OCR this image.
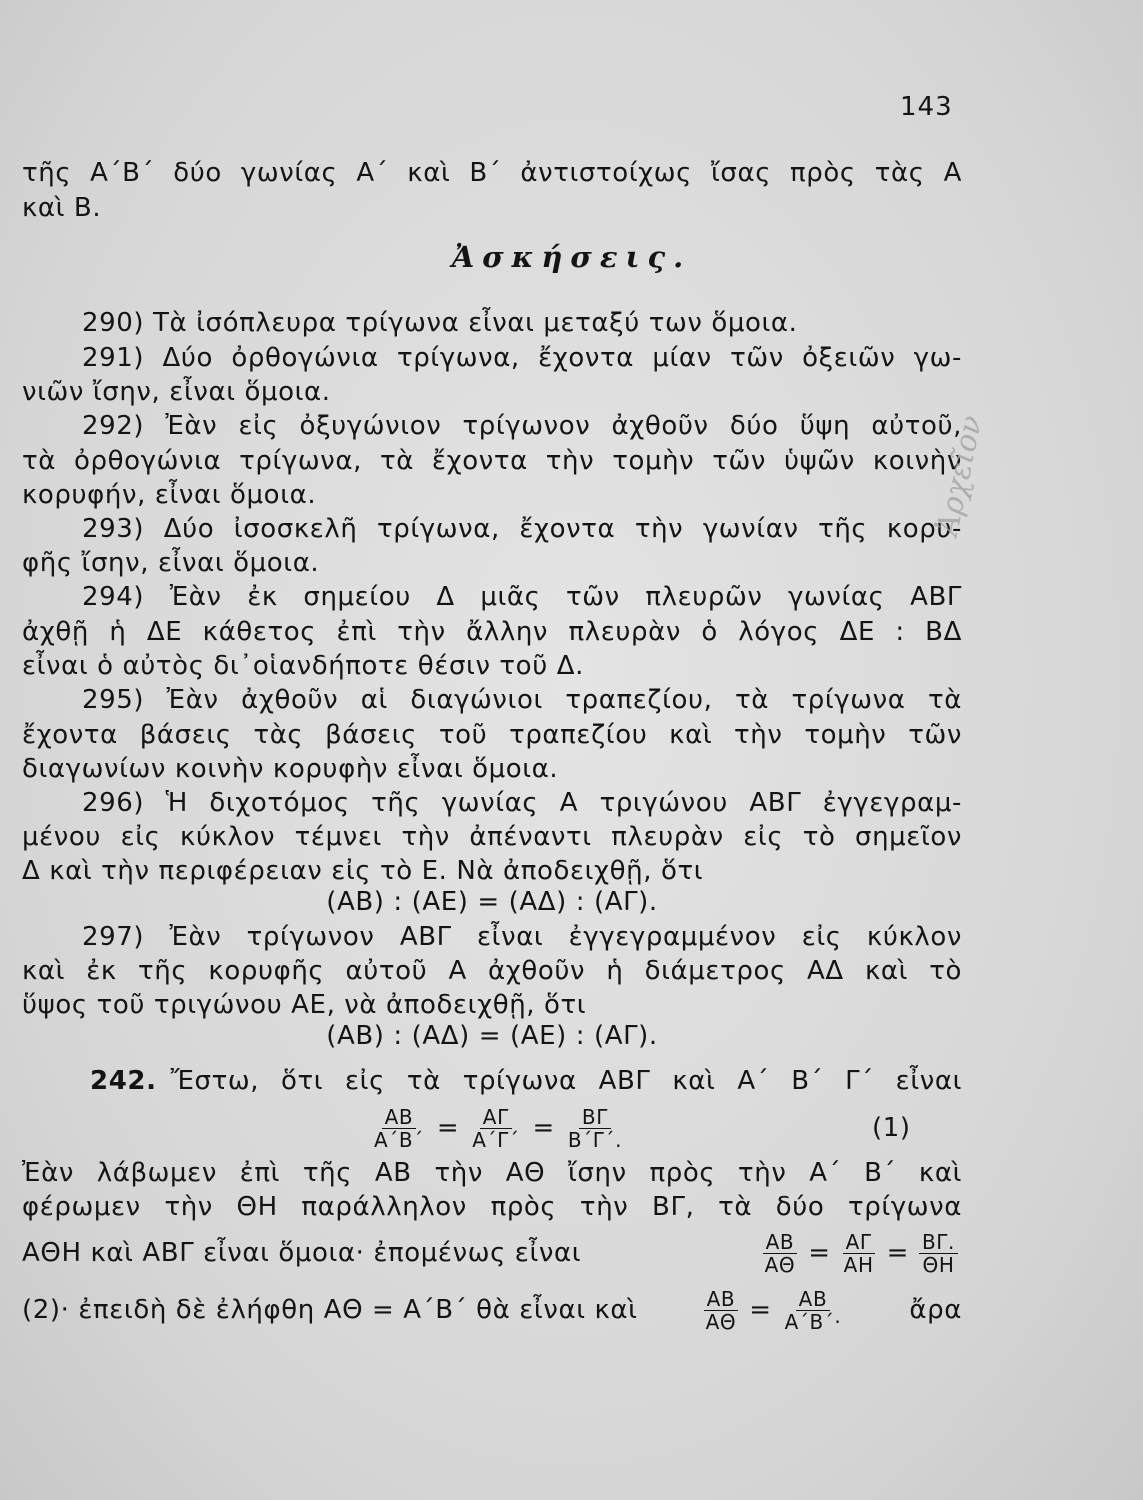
143
τῆς Α΄Β΄ δύο γωνίας Α΄ καὶ Β΄ ἀντιστοίχως ἴσας πρὸς τὰς Α
καὶ Β.
Ἀσκήσεις.
290) Τὰ ἰσόπλευρα τρίγωνα εἶναι μεταξύ των ὅμοια.
291) Δύο ὀρθογώνια τρίγωνα, ἔχοντα μίαν τῶν ὀξειῶν γω-
νιῶν ἴσην, εἶναι ὅμοια.
292) Ἐὰν εἰς ὀξυγώνιον τρίγωνον ἀχθοῦν δύο ὕψη αὐτοῦ,
τὰ ὀρθογώνια τρίγωνα, τὰ ἔχοντα τὴν τομὴν τῶν ὑψῶν κοινὴν
κορυφήν, εἶναι ὅμοια.
293) Δύο ἰσοσκελῆ τρίγωνα, ἔχοντα τὴν γωνίαν τῆς κορυ-
φῆς ἴσην, εἶναι ὅμοια.
294) Ἐὰν ἐκ σημείου Δ μιᾶς τῶν πλευρῶν γωνίας ΑΒΓ
ἀχθῇ ἡ ΔΕ κάθετος ἐπὶ τὴν ἄλλην πλευρὰν ὁ λόγος ΔΕ : ΒΔ
εἶναι ὁ αὐτὸς δι᾽οἱανδήποτε θέσιν τοῦ Δ.
295) Ἐὰν ἀχθοῦν αἱ διαγώνιοι τραπεζίου, τὰ τρίγωνα τὰ
ἔχοντα βάσεις τὰς βάσεις τοῦ τραπεζίου καὶ τὴν τομὴν τῶν
διαγωνίων κοινὴν κορυφὴν εἶναι ὅμοια.
296) Ἡ διχοτόμος τῆς γωνίας Α τριγώνου ΑΒΓ ἐγγεγραμ-
μένου εἰς κύκλον τέμνει τὴν ἀπέναντι πλευρὰν εἰς τὸ σημεῖον
Δ καὶ τὴν περιφέρειαν εἰς τὸ Ε. Νὰ ἀποδειχθῇ, ὅτι
(ΑΒ) : (ΑΕ) = (ΑΔ) : (ΑΓ).
297) Ἐὰν τρίγωνον ΑΒΓ εἶναι ἐγγεγραμμένον εἰς κύκλον
καὶ ἐκ τῆς κορυφῆς αὐτοῦ Α ἀχθοῦν ἡ διάμετρος ΑΔ καὶ τὸ
ὕψος τοῦ τριγώνου ΑΕ, νὰ ἀποδειχθῇ, ὅτι
(ΑΒ) : (ΑΔ) = (ΑΕ) : (ΑΓ).
242. Ἔστω, ὅτι εἰς τὰ τρίγωνα ΑΒΓ καὶ Α΄ Β΄ Γ΄ εἶναι
$\frac{AB}{A΄B΄} = \frac{A\Gamma}{A΄\Gamma΄} = \frac{B\Gamma}{B΄\Gamma΄.}$	(1)
Ἐὰν λάβωμεν ἐπὶ τῆς ΑΒ τὴν ΑΘ ἴσην πρὸς τὴν Α΄ Β΄ καὶ
φέρωμεν τὴν ΘΗ παράλληλον πρὸς τὴν ΒΓ, τὰ δύο τρίγωνα
ΑΘΗ καὶ ΑΒΓ εἶναι ὅμοια· ἐπομένως εἶναι	$\frac{AB}{A\Theta} = \frac{A\Gamma}{AH} = \frac{B\Gamma.}{\Theta H}$
(2)· ἐπειδὴ δὲ ἐλήφθη ΑΘ = Α΄Β΄ θὰ εἶναι καὶ	$\frac{AB}{A\Theta} = \frac{AB}{A΄B΄\cdot}$	ἄρα
Ἀρχεῖον
